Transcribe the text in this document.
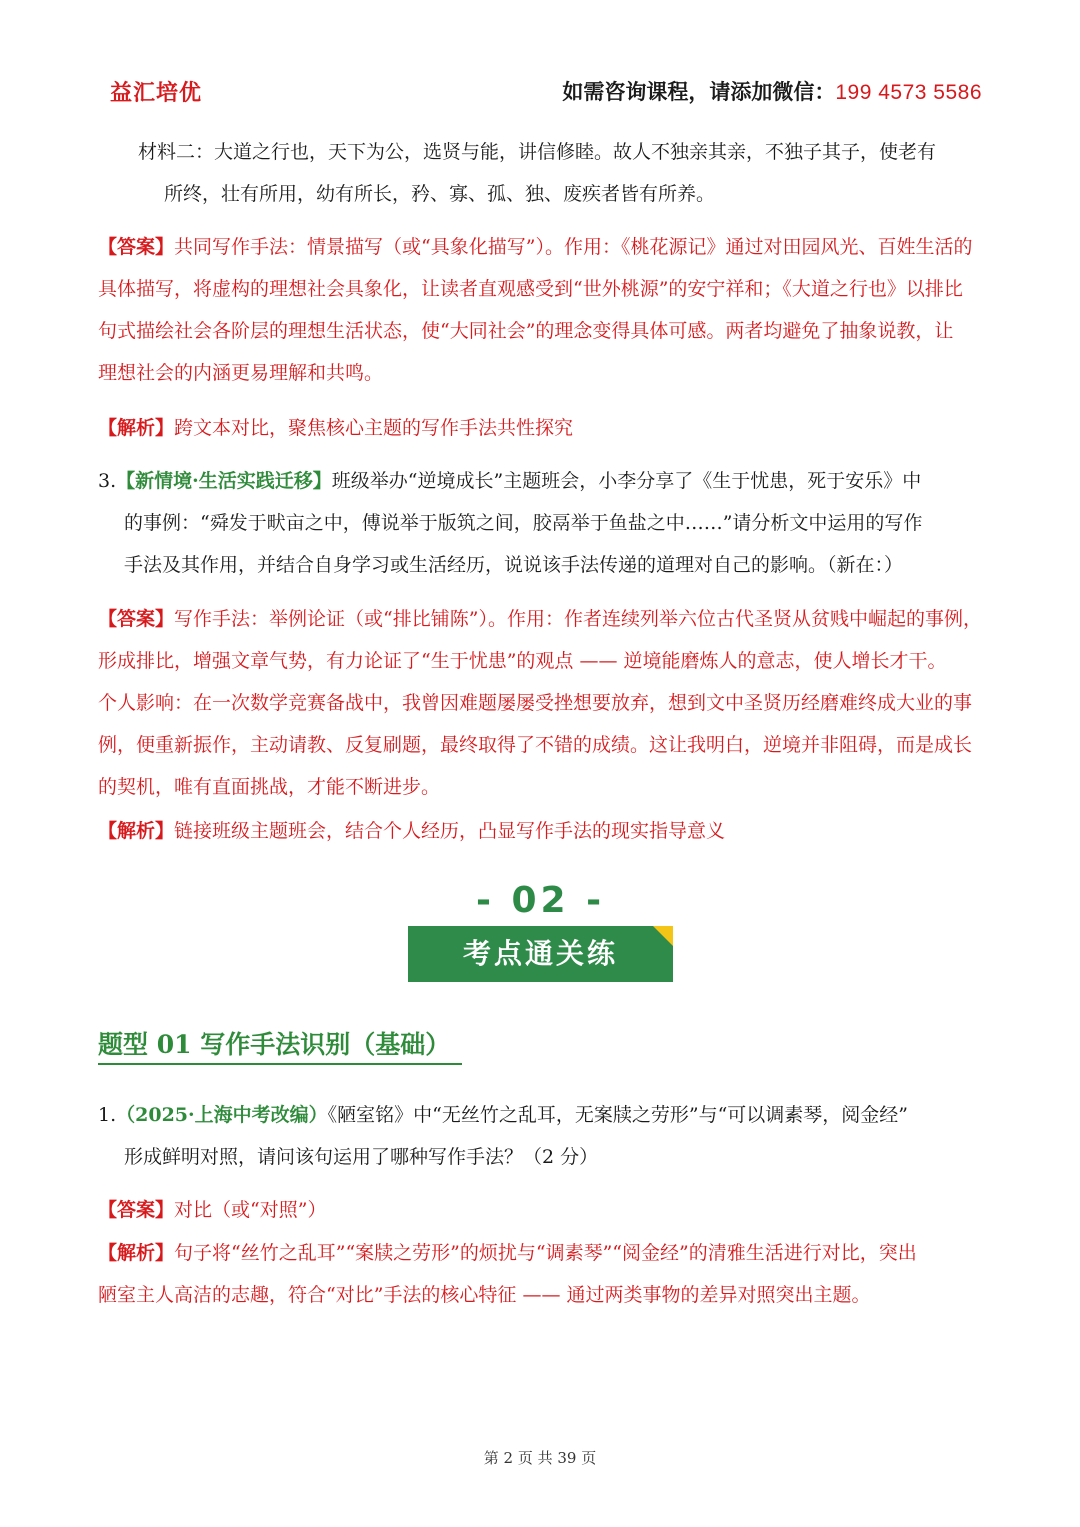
益汇培优	如需咨询课程，请添加微信：199 4573 5586
材料二：大道之行也，天下为公，选贤与能，讲信修睦。故人不独亲其亲，不独子其子，使老有
所终，壮有所用，幼有所长，矜、寡、孤、独、废疾者皆有所养。
【答案】共同写作手法：情景描写（或“具象化描写”）。作用：《桃花源记》通过对田园风光、百姓生活的
具体描写，将虚构的理想社会具象化，让读者直观感受到“世外桃源”的安宁祥和；《大道之行也》以排比
句式描绘社会各阶层的理想生活状态，使“大同社会”的理念变得具体可感。两者均避免了抽象说教，让
理想社会的内涵更易理解和共鸣。
【解析】跨文本对比，聚焦核心主题的写作手法共性探究
3.【新情境·生活实践迁移】班级举办“逆境成长”主题班会，小李分享了《生于忧患，死于安乐》中
的事例：“舜发于畎亩之中，傅说举于版筑之间，胶鬲举于鱼盐之中……”请分析文中运用的写作
手法及其作用，并结合自身学习或生活经历，说说该手法传递的道理对自己的影响。（新在：）
【答案】写作手法：举例论证（或“排比铺陈”）。作用：作者连续列举六位古代圣贤从贫贱中崛起的事例，
形成排比，增强文章气势，有力论证了“生于忧患”的观点 —— 逆境能磨炼人的意志，使人增长才干。
个人影响：在一次数学竞赛备战中，我曾因难题屡屡受挫想要放弃，想到文中圣贤历经磨难终成大业的事
例，便重新振作，主动请教、反复刷题，最终取得了不错的成绩。这让我明白，逆境并非阻碍，而是成长
的契机，唯有直面挑战，才能不断进步。
【解析】链接班级主题班会，结合个人经历，凸显写作手法的现实指导意义
- 02 -
考点通关练
题型 01 写作手法识别（基础）
1.（2025·上海中考改编）《陋室铭》中“无丝竹之乱耳，无案牍之劳形”与“可以调素琴，阅金经”
形成鲜明对照，请问该句运用了哪种写作手法？（2 分）
【答案】对比（或“对照”）
【解析】句子将“丝竹之乱耳”“案牍之劳形”的烦扰与“调素琴”“阅金经”的清雅生活进行对比，突出
陋室主人高洁的志趣，符合“对比”手法的核心特征 —— 通过两类事物的差异对照突出主题。
第 2 页 共 39 页
